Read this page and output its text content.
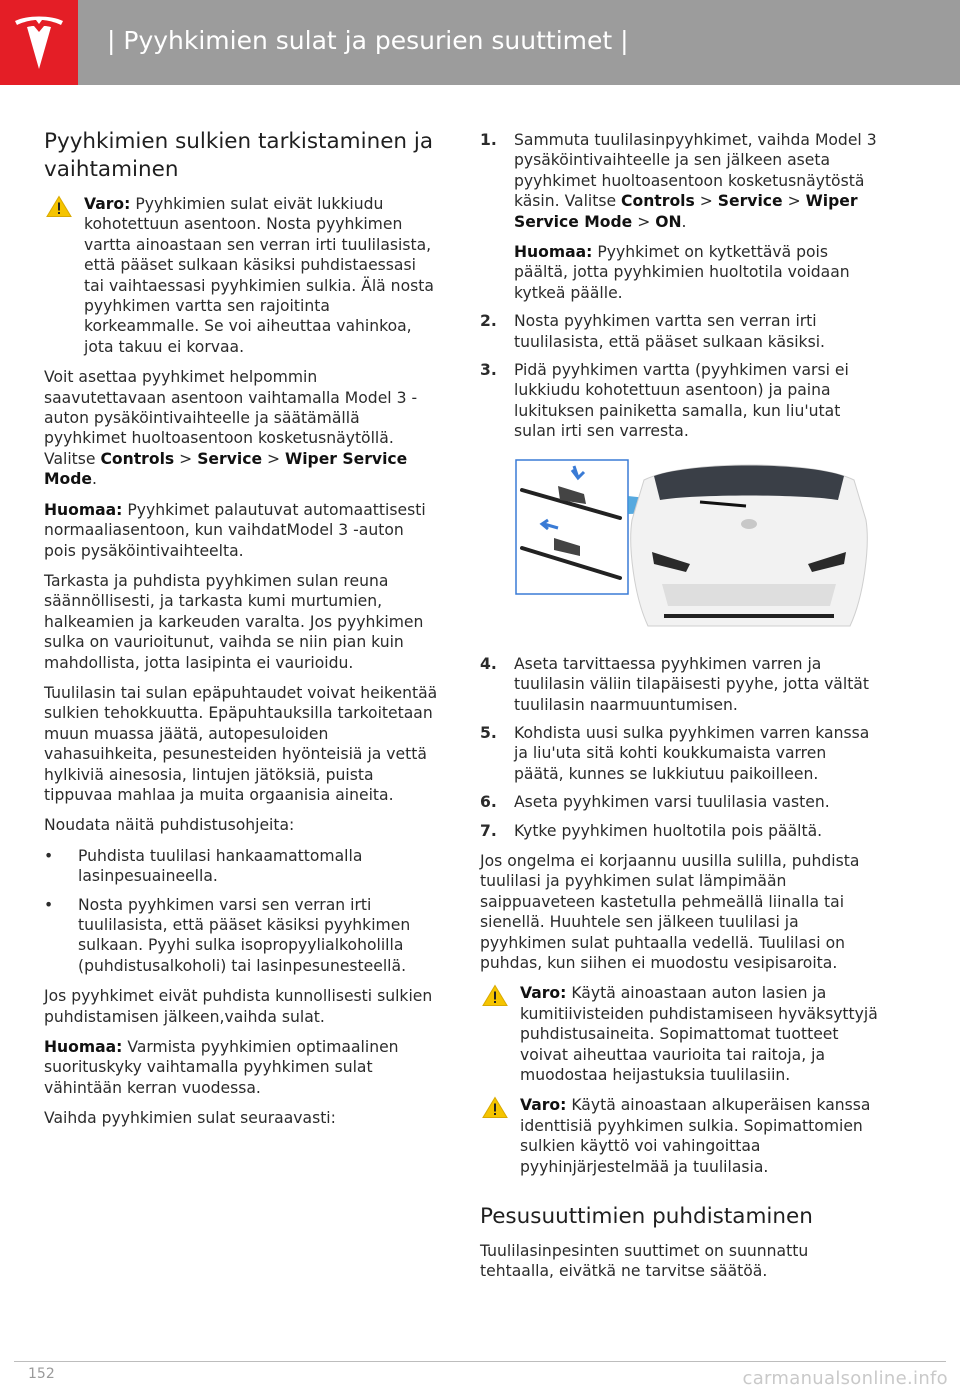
| Pyyhkimien sulat ja pesurien suuttimet |
Pyyhkimien sulkien tarkistaminen ja vaihtaminen
Varo: Pyyhkimien sulat eivät lukkiudu kohotettuun asentoon. Nosta pyyhkimen vartta ainoastaan sen verran irti tuulilasista, että pääset sulkaan käsiksi puhdistaessasi tai vaihtaessasi pyyhkimien sulkia. Älä nosta pyyhkimen vartta sen rajoitinta korkeammalle. Se voi aiheuttaa vahinkoa, jota takuu ei korvaa.

Voit asettaa pyyhkimet helpommin saavutettavaan asentoon vaihtamalla Model 3 -auton pysäköintivaihteelle ja säätämällä pyyhkimet huoltoasentoon kosketusnäytöllä. Valitse Controls > Service > Wiper Service Mode.

Huomaa: Pyyhkimet palautuvat automaattisesti normaaliasentoon, kun vaihdatModel 3 -auton pois pysäköintivaihteelta.

Tarkasta ja puhdista pyyhkimen sulan reuna säännöllisesti, ja tarkasta kumi murtumien, halkeamien ja karkeuden varalta. Jos pyyhkimen sulka on vaurioitunut, vaihda se niin pian kuin mahdollista, jotta lasipinta ei vaurioidu.

Tuulilasin tai sulan epäpuhtaudet voivat heikentää sulkien tehokkuutta. Epäpuhtauksilla tarkoitetaan muun muassa jäätä, autopesuloiden vahasuihkeita, pesunesteiden hyönteisiä ja vettä hylkiviä ainesosia, lintujen jätöksiä, puista tippuvaa mahlaa ja muita orgaanisia aineita.

Noudata näitä puhdistusohjeita:

• Puhdista tuulilasi hankaamattomalla lasinpesuaineella.
• Nosta pyyhkimen varsi sen verran irti tuulilasista, että pääset käsiksi pyyhkimen sulkaan. Pyyhi sulka isopropyylialkoholilla (puhdistusalkoholi) tai lasinpesunesteellä.

Jos pyyhkimet eivät puhdista kunnollisesti sulkien puhdistamisen jälkeen,vaihda sulat.

Huomaa: Varmista pyyhkimien optimaalinen suorituskyky vaihtamalla pyyhkimen sulat vähintään kerran vuodessa.

Vaihda pyyhkimien sulat seuraavasti:

1. Sammuta tuulilasinpyyhkimet, vaihda Model 3 pysäköintivaihteelle ja sen jälkeen aseta pyyhkimet huoltoasentoon kosketusnäytöstä käsin. Valitse Controls > Service > Wiper Service Mode > ON.
Huomaa: Pyyhkimet on kytkettävä pois päältä, jotta pyyhkimien huoltotila voidaan kytkeä päälle.
2. Nosta pyyhkimen vartta sen verran irti tuulilasista, että pääset sulkaan käsiksi.
3. Pidä pyyhkimen vartta (pyyhkimen varsi ei lukkiudu kohotettuun asentoon) ja paina lukituksen painiketta samalla, kun liu'utat sulan irti sen varresta.
4. Aseta tarvittaessa pyyhkimen varren ja tuulilasin väliin tilapäisesti pyyhe, jotta vältät tuulilasin naarmuuntumisen.
5. Kohdista uusi sulka pyyhkimen varren kanssa ja liu'uta sitä kohti koukkumaista varren päätä, kunnes se lukkiutuu paikoilleen.
6. Aseta pyyhkimen varsi tuulilasia vasten.
7. Kytke pyyhkimen huoltotila pois päältä.

Jos ongelma ei korjaannu uusilla sulilla, puhdista tuulilasi ja pyyhkimen sulat lämpimään saippuaveteen kastetulla pehmeällä liinalla tai sienellä. Huuhtele sen jälkeen tuulilasi ja pyyhkimen sulat puhtaalla vedellä. Tuulilasi on puhdas, kun siihen ei muodostu vesipisaroita.

Varo: Käytä ainoastaan auton lasien ja kumitiivisteiden puhdistamiseen hyväksyttyjä puhdistusaineita. Sopimattomat tuotteet voivat aiheuttaa vaurioita tai raitoja, ja muodostaa heijastuksia tuulilasiin.
Varo: Käytä ainoastaan alkuperäisen kanssa identtisiä pyyhkimen sulkia. Sopimattomien sulkien käyttö voi vahingoittaa pyyhinjärjestelmää ja tuulilasia.
Pesusuuttimien puhdistaminen

Tuulilasinpesinten suuttimet on suunnattu tehtaalla, eivätkä ne tarvitse säätöä.

152	carmanualsonline.info
